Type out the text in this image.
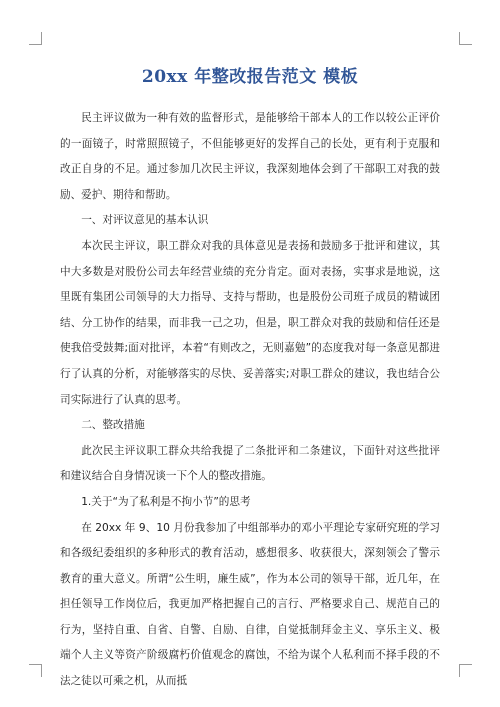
20xx 年整改报告范文 模板

民主评议做为一种有效的监督形式，是能够给干部本人的工作以较公正评价的一面镜子，时常照照镜子，不但能够更好的发挥自己的长处，更有利于克服和改正自身的不足。通过参加几次民主评议，我深刻地体会到了干部职工对我的鼓励、爱护、期待和帮助。

一、对评议意见的基本认识

本次民主评议，职工群众对我的具体意见是表扬和鼓励多于批评和建议，其中大多数是对股份公司去年经营业绩的充分肯定。面对表扬，实事求是地说，这里既有集团公司领导的大力指导、支持与帮助，也是股份公司班子成员的精诚团结、分工协作的结果，而非我一己之功，但是，职工群众对我的鼓励和信任还是使我倍受鼓舞;面对批评，本着“有则改之，无则嘉勉”的态度我对每一条意见都进行了认真的分析，对能够落实的尽快、妥善落实;对职工群众的建议，我也结合公司实际进行了认真的思考。

二、整改措施

此次民主评议职工群众共给我提了二条批评和二条建议，下面针对这些批评和建议结合自身情况谈一下个人的整改措施。

1.关于“为了私利是不拘小节”的思考

在 20xx 年 9、10 月份我参加了中组部举办的邓小平理论专家研究班的学习和各级纪委组织的多种形式的教育活动，感想很多、收获很大，深刻领会了警示教育的重大意义。所谓“公生明，廉生威”，作为本公司的领导干部，近几年，在担任领导工作岗位后，我更加严格把握自己的言行、严格要求自己、规范自己的行为，坚持自重、自省、自警、自励、自律，自觉抵制拜金主义、享乐主义、极端个人主义等资产阶级腐朽价值观念的腐蚀，不给为谋个人私利而不择手段的不法之徒以可乘之机，从而抵
